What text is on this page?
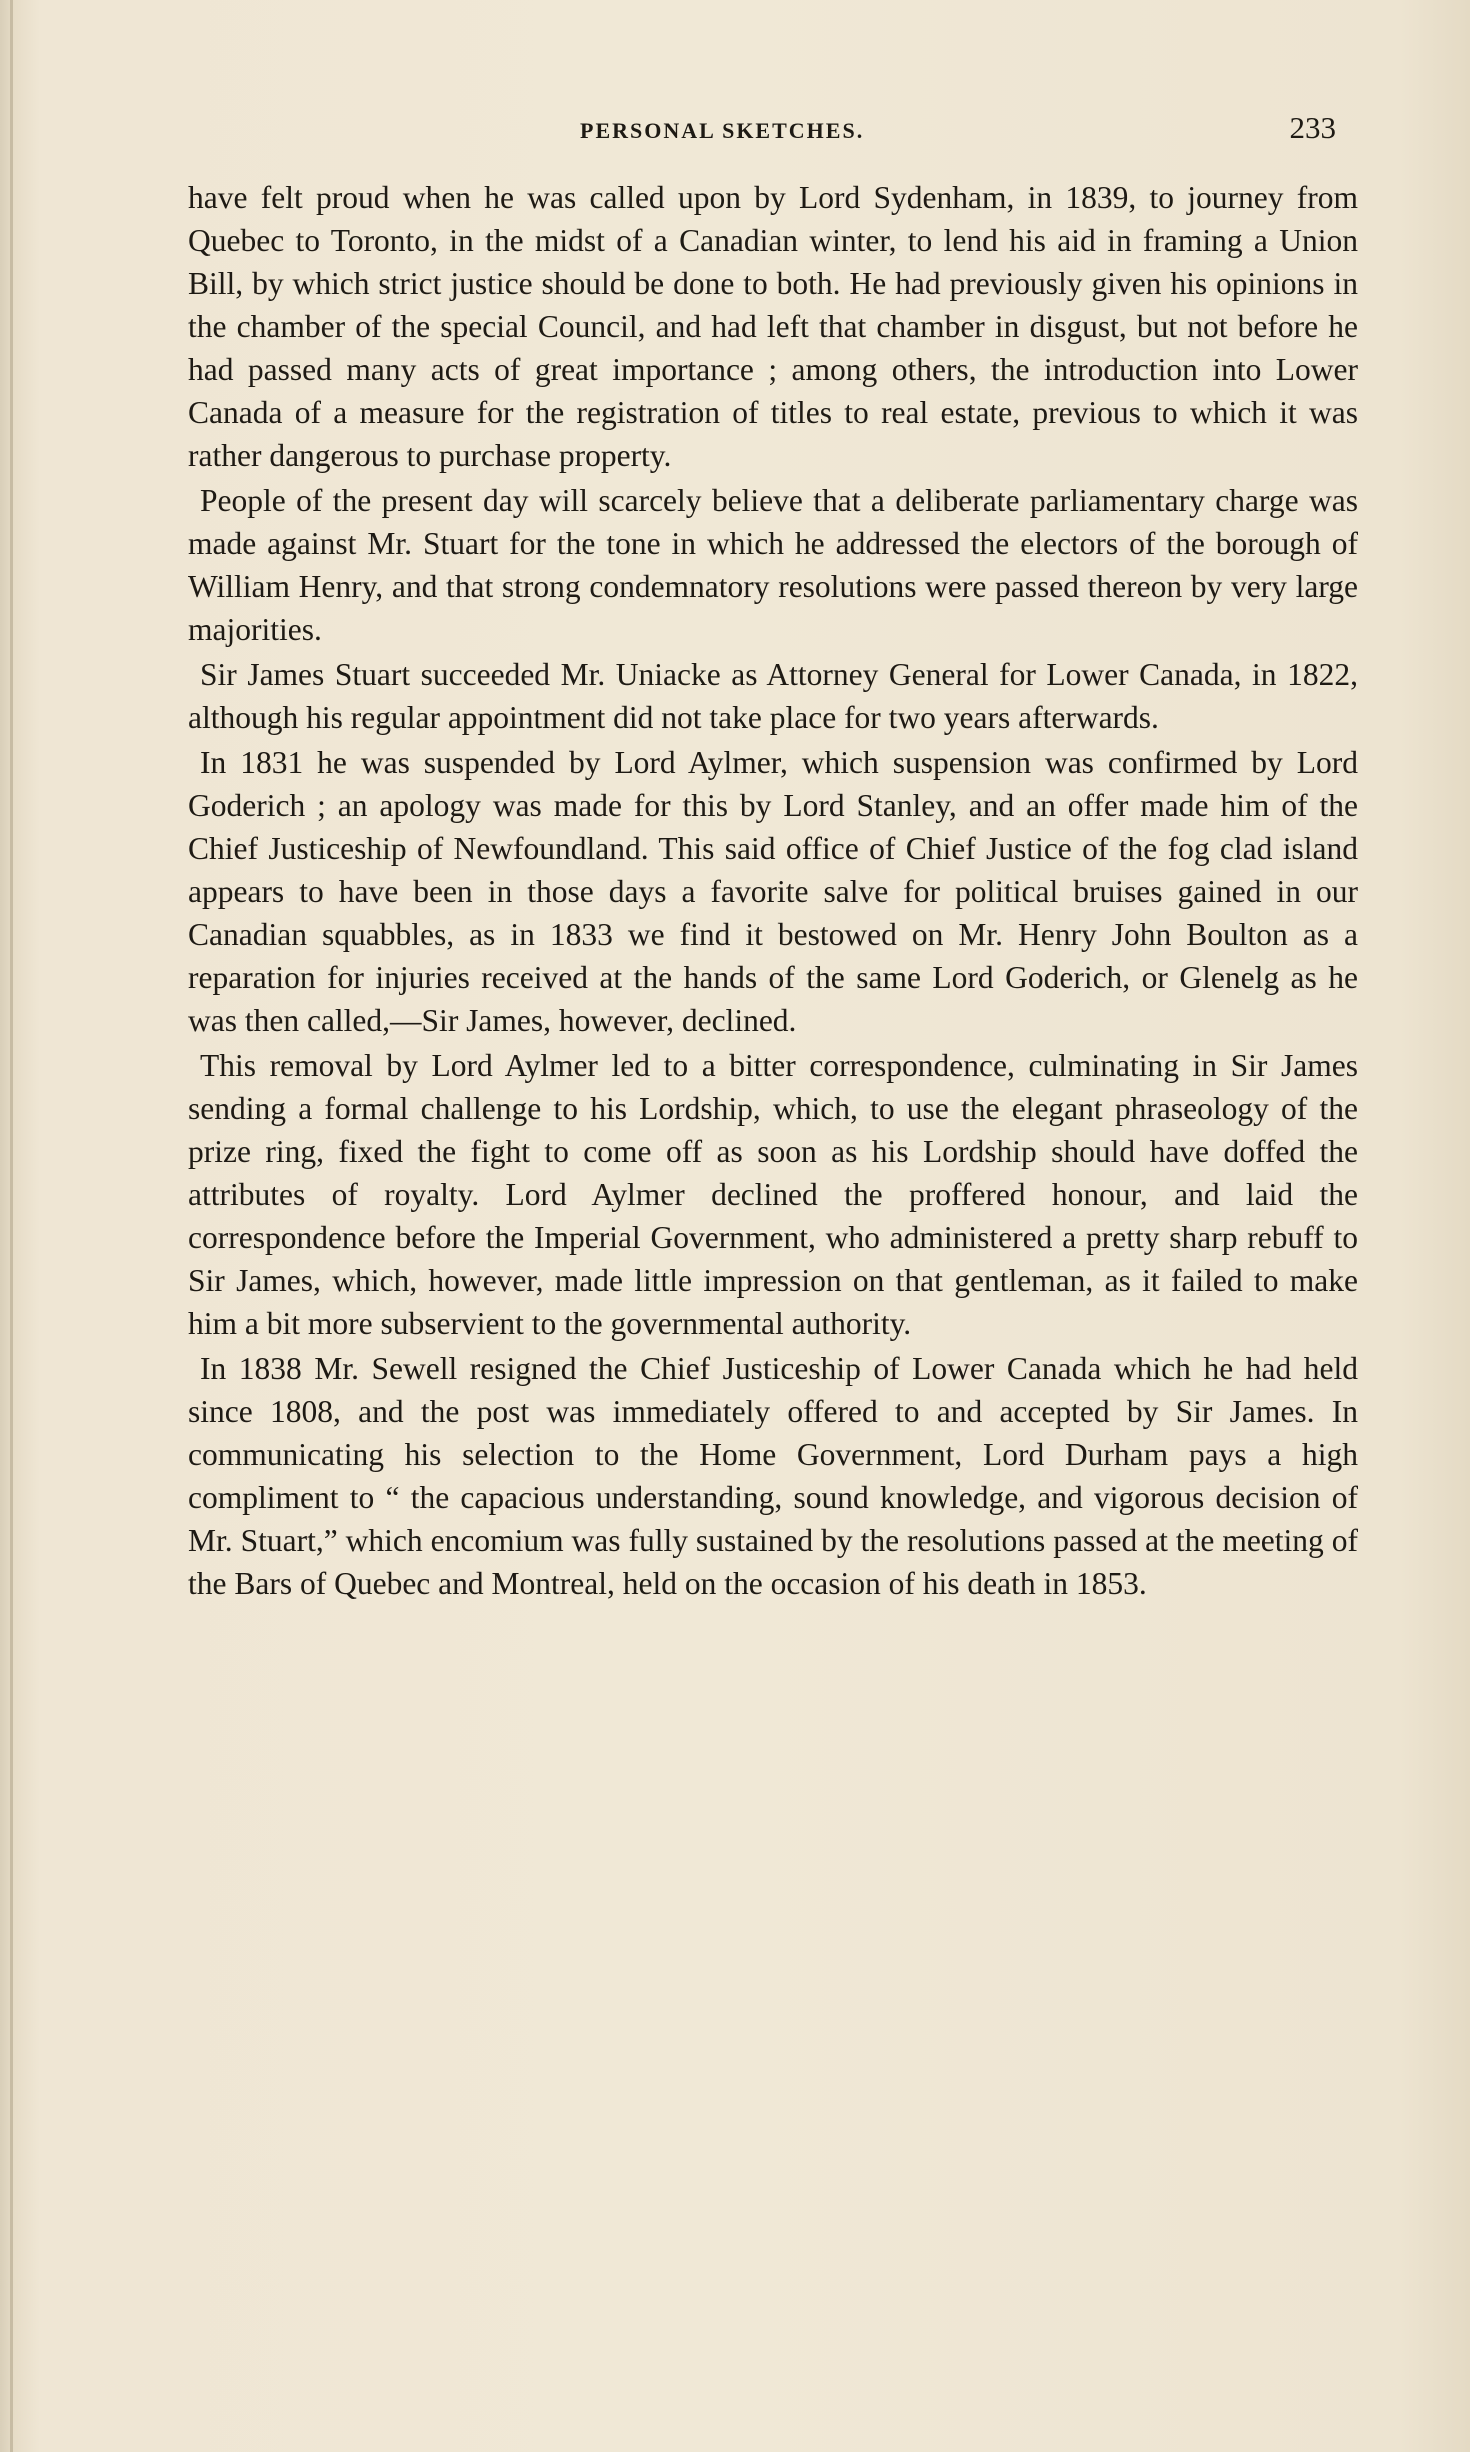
PERSONAL SKETCHES.	233

have felt proud when he was called upon by Lord Sydenham, in 1839, to journey from Quebec to Toronto, in the midst of a Canadian winter, to lend his aid in framing a Union Bill, by which strict justice should be done to both. He had previously given his opinions in the chamber of the special Council, and had left that chamber in disgust, but not before he had passed many acts of great importance ; among others, the introduction into Lower Canada of a measure for the registration of titles to real estate, previous to which it was rather dangerous to purchase property.

People of the present day will scarcely believe that a deliberate parliamentary charge was made against Mr. Stuart for the tone in which he addressed the electors of the borough of William Henry, and that strong condemnatory resolutions were passed thereon by very large majorities.

Sir James Stuart succeeded Mr. Uniacke as Attorney General for Lower Canada, in 1822, although his regular appointment did not take place for two years afterwards.

In 1831 he was suspended by Lord Aylmer, which suspension was confirmed by Lord Goderich ; an apology was made for this by Lord Stanley, and an offer made him of the Chief Justiceship of Newfoundland. This said office of Chief Justice of the fog clad island appears to have been in those days a favorite salve for political bruises gained in our Canadian squabbles, as in 1833 we find it bestowed on Mr. Henry John Boulton as a reparation for injuries received at the hands of the same Lord Goderich, or Glenelg as he was then called,—Sir James, however, declined.

This removal by Lord Aylmer led to a bitter correspondence, culminating in Sir James sending a formal challenge to his Lordship, which, to use the elegant phraseology of the prize ring, fixed the fight to come off as soon as his Lordship should have doffed the attributes of royalty. Lord Aylmer declined the proffered honour, and laid the correspondence before the Imperial Government, who administered a pretty sharp rebuff to Sir James, which, however, made little impression on that gentleman, as it failed to make him a bit more subservient to the governmental authority.

In 1838 Mr. Sewell resigned the Chief Justiceship of Lower Canada which he had held since 1808, and the post was immediately offered to and accepted by Sir James. In communicating his selection to the Home Government, Lord Durham pays a high compliment to “ the capacious understanding, sound knowledge, and vigorous decision of Mr. Stuart,” which encomium was fully sustained by the resolutions passed at the meeting of the Bars of Quebec and Montreal, held on the occasion of his death in 1853.
